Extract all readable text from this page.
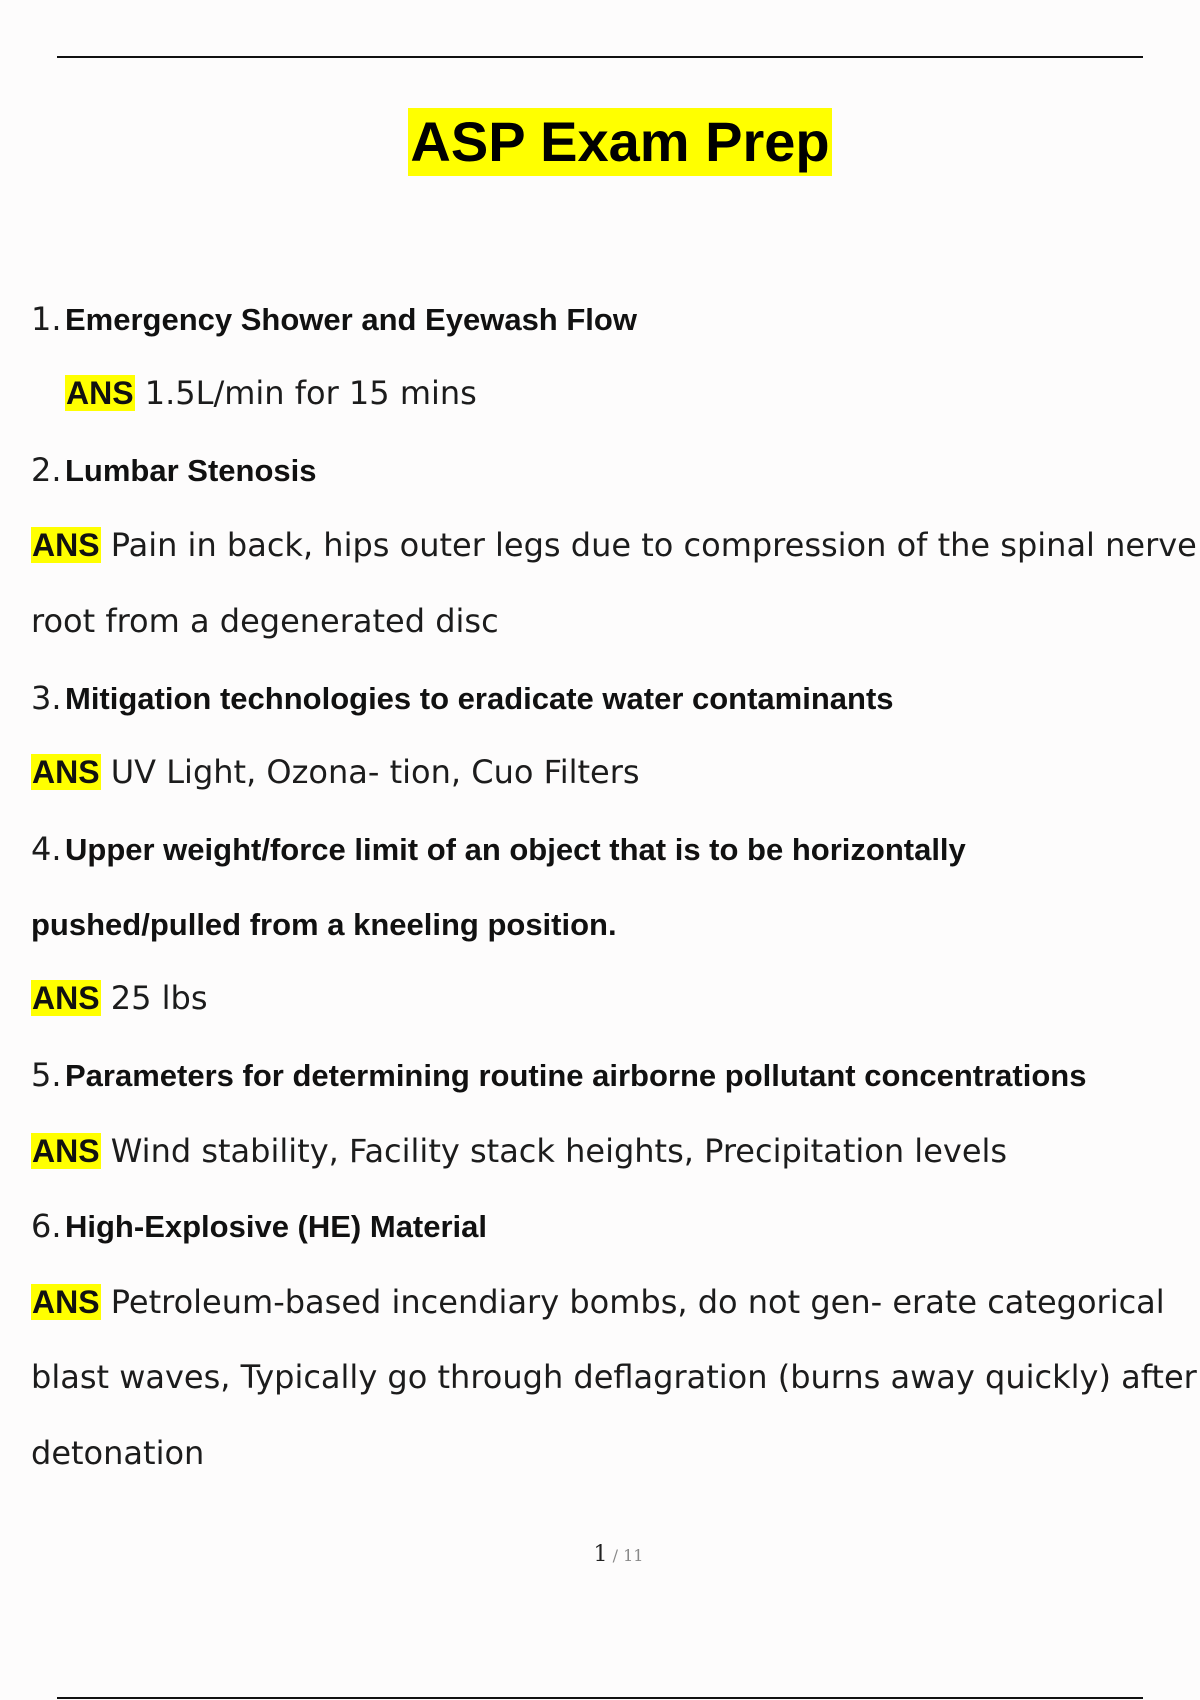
ASP Exam Prep
1. Emergency Shower and Eyewash Flow
ANS 1.5L/min for 15 mins
2. Lumbar Stenosis
ANS Pain in back, hips outer legs due to compression of the spinal nerve
root from a degenerated disc
3. Mitigation technologies to eradicate water contaminants
ANS UV Light, Ozona- tion, Cuo Filters
4. Upper weight/force limit of an object that is to be horizontally
pushed/pulled from a kneeling position.
ANS 25 lbs
5. Parameters for determining routine airborne pollutant concentrations
ANS Wind stability, Facility stack heights, Precipitation levels
6. High-Explosive (HE) Material
ANS Petroleum-based incendiary bombs, do not gen- erate categorical
blast waves, Typically go through deflagration (burns away quickly) after
detonation
1 / 11
